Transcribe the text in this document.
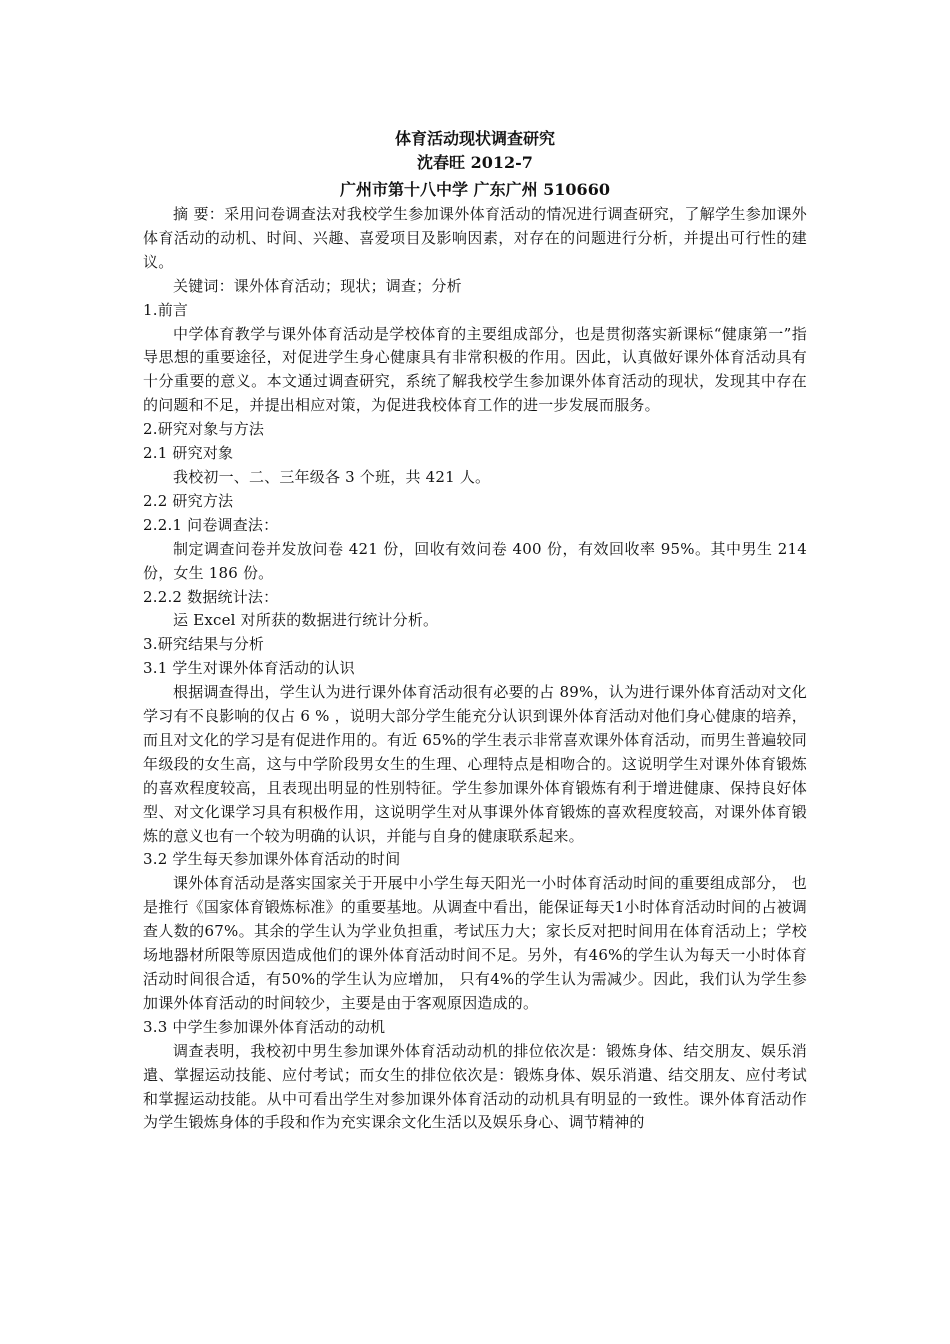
体育活动现状调查研究
沈春旺 2012-7
广州市第十八中学 广东广州 510660

摘 要：采用问卷调查法对我校学生参加课外体育活动的情况进行调查研究，了解学生参加课外体育活动的动机、时间、兴趣、喜爱项目及影响因素，对存在的问题进行分析，并提出可行性的建议。

关键词：课外体育活动；现状；调查；分析

1.前言

中学体育教学与课外体育活动是学校体育的主要组成部分，也是贯彻落实新课标“健康第一”指导思想的重要途径，对促进学生身心健康具有非常积极的作用。因此，认真做好课外体育活动具有十分重要的意义。本文通过调查研究，系统了解我校学生参加课外体育活动的现状，发现其中存在的问题和不足，并提出相应对策，为促进我校体育工作的进一步发展而服务。

2.研究对象与方法

2.1 研究对象

我校初一、二、三年级各 3 个班，共 421 人。

2.2 研究方法

2.2.1 问卷调查法：

制定调查问卷并发放问卷 421 份，回收有效问卷 400 份，有效回收率 95%。其中男生 214 份，女生 186 份。

2.2.2 数据统计法：

运 Excel 对所获的数据进行统计分析。

3.研究结果与分析

3.1 学生对课外体育活动的认识

根据调查得出，学生认为进行课外体育活动很有必要的占 89%，认为进行课外体育活动对文化学习有不良影响的仅占 6 % ，说明大部分学生能充分认识到课外体育活动对他们身心健康的培养，而且对文化的学习是有促进作用的。有近 65%的学生表示非常喜欢课外体育活动，而男生普遍较同年级段的女生高，这与中学阶段男女生的生理、心理特点是相吻合的。这说明学生对课外体育锻炼的喜欢程度较高，且表现出明显的性别特征。学生参加课外体育锻炼有利于增进健康、保持良好体型、对文化课学习具有积极作用，这说明学生对从事课外体育锻炼的喜欢程度较高，对课外体育锻炼的意义也有一个较为明确的认识，并能与自身的健康联系起来。

3.2 学生每天参加课外体育活动的时间

课外体育活动是落实国家关于开展中小学生每天阳光一小时体育活动时间的重要组成部分， 也是推行《国家体育锻炼标准》的重要基地。从调查中看出，能保证每天1小时体育活动时间的占被调查人数的67%。其余的学生认为学业负担重，考试压力大；家长反对把时间用在体育活动上；学校场地器材所限等原因造成他们的课外体育活动时间不足。另外，有46%的学生认为每天一小时体育活动时间很合适，有50%的学生认为应增加， 只有4%的学生认为需减少。因此，我们认为学生参加课外体育活动的时间较少，主要是由于客观原因造成的。

3.3 中学生参加课外体育活动的动机

调查表明，我校初中男生参加课外体育活动动机的排位依次是：锻炼身体、结交朋友、娱乐消遣、掌握运动技能、应付考试；而女生的排位依次是：锻炼身体、娱乐消遣、结交朋友、应付考试和掌握运动技能。从中可看出学生对参加课外体育活动的动机具有明显的一致性。课外体育活动作为学生锻炼身体的手段和作为充实课余文化生活以及娱乐身心、调节精神的
